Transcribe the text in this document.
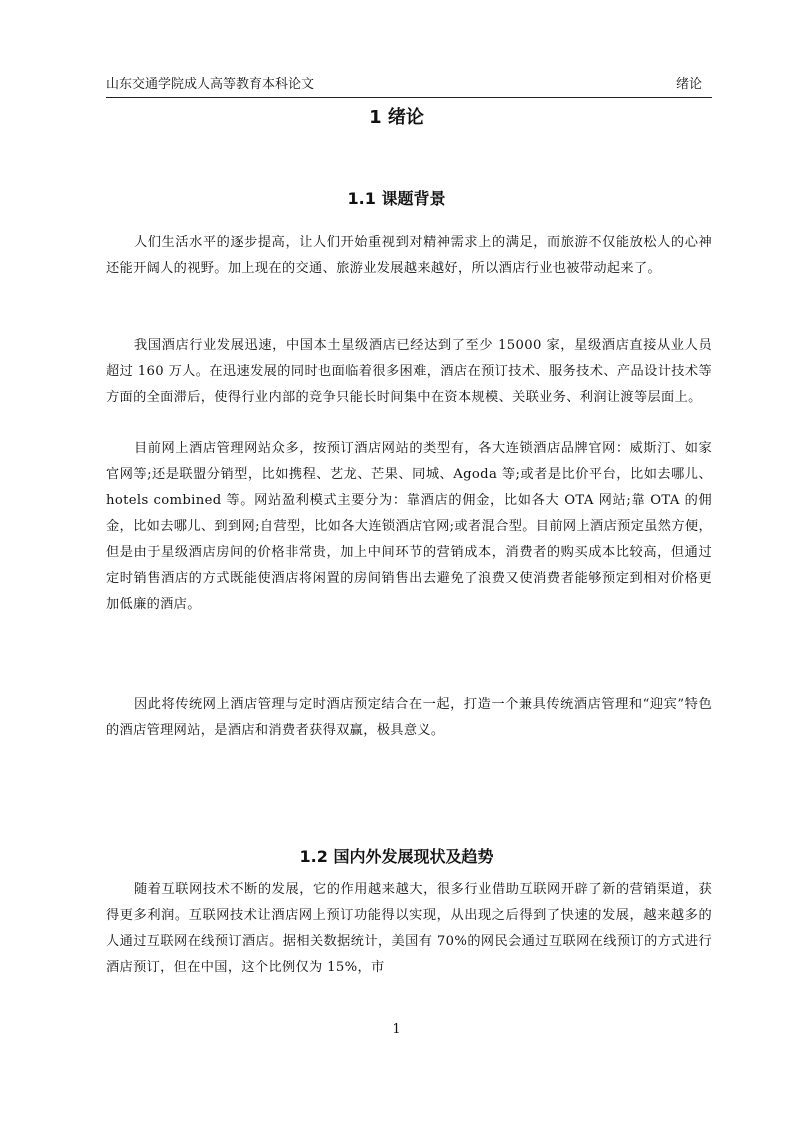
山东交通学院成人高等教育本科论文	绪论
1 绪论
1.1 课题背景

人们生活水平的逐步提高，让人们开始重视到对精神需求上的满足，而旅游不仅能放松人的心神还能开阔人的视野。加上现在的交通、旅游业发展越来越好，所以酒店行业也被带动起来了。

我国酒店行业发展迅速，中国本土星级酒店已经达到了至少 15000 家，星级酒店直接从业人员超过 160 万人。在迅速发展的同时也面临着很多困难，酒店在预订技术、服务技术、产品设计技术等方面的全面滞后，使得行业内部的竞争只能长时间集中在资本规模、关联业务、利润让渡等层面上。

目前网上酒店管理网站众多，按预订酒店网站的类型有，各大连锁酒店品牌官网：威斯汀、如家官网等;还是联盟分销型，比如携程、艺龙、芒果、同城、Agoda 等;或者是比价平台，比如去哪儿、hotels combined 等。网站盈利模式主要分为：靠酒店的佣金，比如各大 OTA 网站;靠 OTA 的佣金，比如去哪儿、到到网;自营型，比如各大连锁酒店官网;或者混合型。目前网上酒店预定虽然方便，但是由于星级酒店房间的价格非常贵，加上中间环节的营销成本，消费者的购买成本比较高，但通过定时销售酒店的方式既能使酒店将闲置的房间销售出去避免了浪费又使消费者能够预定到相对价格更加低廉的酒店。

因此将传统网上酒店管理与定时酒店预定结合在一起，打造一个兼具传统酒店管理和“迎宾”特色的酒店管理网站，是酒店和消费者获得双赢，极具意义。

1.2 国内外发展现状及趋势

随着互联网技术不断的发展，它的作用越来越大，很多行业借助互联网开辟了新的营销渠道，获得更多利润。互联网技术让酒店网上预订功能得以实现，从出现之后得到了快速的发展，越来越多的人通过互联网在线预订酒店。据相关数据统计，美国有 70%的网民会通过互联网在线预订的方式进行酒店预订，但在中国，这个比例仅为 15%，市

1
